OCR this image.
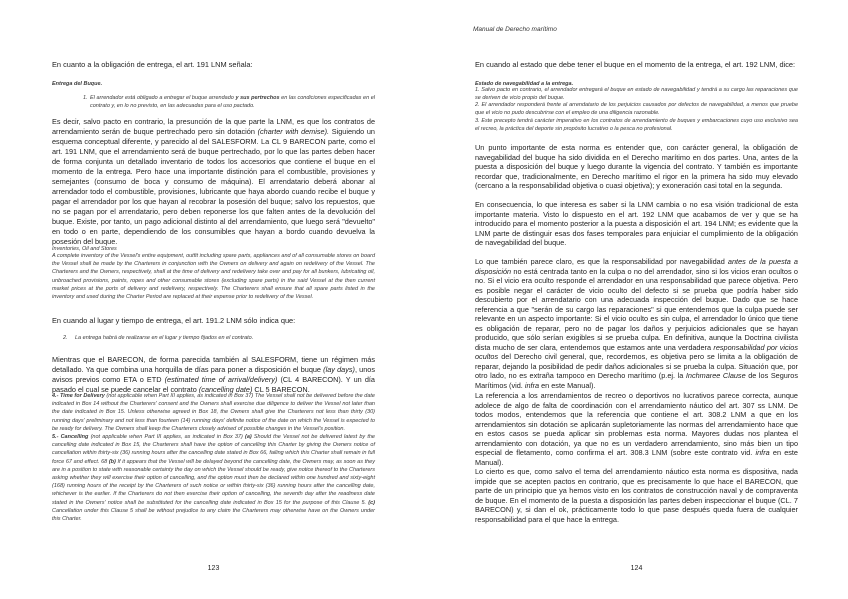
Manual de Derecho marítimo
En cuanto a la obligación de entrega, el art. 191 LNM señala:
Entrega del Buque.
1. El arrendador está obligado a entregar el buque arrendado y sus pertrechos en las condiciones especificadas en el contrato y, en lo no previsto, en las adecuadas para el uso pactado.
Es decir, salvo pacto en contrario, la presunción de la que parte la LNM, es que los contratos de arrendamiento serán de buque pertrechado pero sin dotación (charter with demise). Siguiendo un esquema conceptual diferente, y parecido al del SALESFORM. La CL 9 BARECON parte, como el art. 191 LNM, que el arrendamiento será de buque pertrechado, por lo que las partes deben hacer de forma conjunta un detallado inventario de todos los accesorios que contiene el buque en el momento de la entrega. Pero hace una importante distinción para el combustible, provisiones y semejantes (consumo de boca y consumo de máquina). El arrendatario deberá abonar al arrendador todo el combustible, provisiones, lubricante que haya abordo cuando recibe el buque y pagar el arrendador por los que hayan al recobrar la posesión del buque; salvo los repuestos, que no se pagan por el arrendatario, pero deben reponerse los que falten antes de la devolución del buque. Existe, por tanto, un pago adicional distinto al del arrendamiento, que luego será "devuelto" en todo o en parte, dependiendo de los consumibles que hayan a bordo cuando devuelva la posesión del buque.
Inventories, Oil and Stores
A complete inventory of the Vessel's entire equipment, outfit including spare parts, appliances and of all consumable stores on board the Vessel shall be made by the Charterers in conjunction with the Owners on delivery and again on redelivery of the Vessel. The Charterers and the Owners, respectively, shall at the time of delivery and redelivery take over and pay for all bunkers, lubricating oil, unbroached provisions, paints, ropes and other consumable stores (excluding spare parts) in the said Vessel at the then current market prices at the ports of delivery and redelivery, respectively. The Charterers shall ensure that all spare parts listed in the inventory and used during the Charter Period are replaced at their expense prior to redelivery of the Vessel.
En cuando al lugar y tiempo de entrega, el art. 191.2 LNM sólo indica que:
2.	La entrega habrá de realizarse en el lugar y tiempo fijados en el contrato.
Mientras que el BARECON, de forma parecida también al SALESFORM, tiene un régimen más detallado. Ya que combina una horquilla de días para poner a disposición el buque (lay days), unos avisos previos como ETA o ETD (estimated time of arrival/delivery) (CL 4 BARECON). Y un día pasado el cual se puede cancelar el contrato (cancelling date) CL 5 BARECON.
4.- Time for Delivery (not applicable when Part III applies, as indicated in Box 37) The Vessel shall not be delivered before the date indicated in Box 14 without the Charterers' consent and the Owners shall exercise due diligence to deliver the Vessel not later than the date indicated in Box 15. Unless otherwise agreed in Box 18, the Owners shall give the Charterers not less than thirty (30) running days' preliminary and not less than fourteen (14) running days' definite notice of the date on which the Vessel is expected to be ready for delivery. The Owners shall keep the Charterers closely advised of possible changes in the Vessel's position.
5.- Cancelling (not applicable when Part III applies, as indicated in Box 37) (a) Should the Vessel not be delivered latest by the cancelling date indicated in Box 15, the Charterers shall have the option of cancelling this Charter by giving the Owners notice of cancellation within thirty-six (36) running hours after the cancelling date stated in Box 66, failing which this Charter shall remain in full force 67 and effect. 68 (b) If it appears that the Vessel will be delayed beyond the cancelling date, the Owners may, as soon as they are in a position to state with reasonable certainty the day on which the Vessel should be ready, give notice thereof to the Charterers asking whether they will exercise their option of cancelling, and the option must then be declared within one hundred and sixty-eight (168) running hours of the receipt by the Charterers of such notice or within thirty-six (36) running hours after the cancelling date, whichever is the earlier. If the Charterers do not then exercise their option of cancelling, the seventh day after the readiness date stated in the Owners' notice shall be substituted for the cancelling date indicated in Box 15 for the purpose of this Clause 5. (c) Cancellation under this Clause 5 shall be without prejudice to any claim the Charterers may otherwise have on the Owners under this Charter.
123
En cuando al estado que debe tener el buque en el momento de la entrega, el art. 192 LNM, dice:
Estado de navegabilidad a la entrega.
1. Salvo pacto en contrario, el arrendador entregará el buque en estado de navegabilidad y tendrá a su cargo las reparaciones que se deriven de vicio propio del buque.
2. El arrendador responderá frente al arrendatario de los perjuicios causados por defectos de navegabilidad, a menos que pruebe que el vicio no pudo descubrirse con el empleo de una diligencia razonable.
3. Este precepto tendrá carácter imperativo en los contratos de arrendamiento de buques y embarcaciones cuyo uso exclusivo sea el recreo, la práctica del deporte sin propósito lucrativo o la pesca no profesional.
Un punto importante de esta norma es entender que, con carácter general, la obligación de navegabilidad del buque ha sido dividida en el Derecho marítimo en dos partes. Una, antes de la puesta a disposición del buque y luego durante la vigencia del contrato. Y también es importante recordar que, tradicionalmente, en Derecho marítimo el rigor en la primera ha sido muy elevado (cercano a la responsabilidad objetiva o cuasi objetiva); y exoneración casi total en la segunda.
En consecuencia, lo que interesa es saber si la LNM cambia o no esa visión tradicional de esta importante materia. Visto lo dispuesto en el art. 192 LNM que acabamos de ver y que se ha introducido para el momento posterior a la puesta a disposición el art. 194 LNM; es evidente que la LNM parte de distinguir esas dos fases temporales para enjuiciar el cumplimiento de la obligación de navegabilidad del buque.
Lo que también parece claro, es que la responsabilidad por navegabilidad antes de la puesta a disposición no está centrada tanto en la culpa o no del arrendador, sino si los vicios eran ocultos o no. Si el vicio era oculto responde el arrendador en una responsabilidad que parece objetiva. Pero es posible negar el carácter de vicio oculto del defecto si se prueba que podría haber sido descubierto por el arrendatario con una adecuada inspección del buque. Dado que se hace referencia a que "serán de su cargo las reparaciones" si que entendemos que la culpa puede ser relevante en un aspecto importante: Si el vicio oculto es sin culpa, el arrendador lo único que tiene es obligación de reparar, pero no de pagar los daños y perjuicios adicionales que se hayan producido, que sólo serían exigibles si se prueba culpa. En definitiva, aunque la Doctrina civilista dista mucho de ser clara, entendemos que estamos ante una verdadera responsabilidad por vicios ocultos del Derecho civil general, que, recordemos, es objetiva pero se limita a la obligación de reparar, dejando la posibilidad de pedir daños adicionales si se prueba la culpa. Situación que, por otro lado, no es extraña tampoco en Derecho marítimo (p.ej. la Inchmaree Clause de los Seguros Marítimos (vid. infra en este Manual).
La referencia a los arrendamientos de recreo o deportivos no lucrativos parece correcta, aunque adolece de algo de falta de coordinación con el arrendamiento náutico del art. 307 ss LNM. De todos modos, entendemos que la referencia que contiene el art. 308.2 LNM a que en los arrendamientos sin dotación se aplicarán supletoriamente las normas del arrendamiento hace que en estos casos se pueda aplicar sin problemas esta norma. Mayores dudas nos plantea el arrendamiento con dotación, ya que no es un verdadero arrendamiento, sino más bien un tipo especial de fletamento, como confirma el art. 308.3 LNM (sobre este contrato vid. infra en este Manual).
Lo cierto es que, como salvo el tema del arrendamiento náutico esta norma es dispositiva, nada impide que se acepten pactos en contrario, que es precisamente lo que hace el BARECON, que parte de un principio que ya hemos visto en los contratos de construcción naval y de compraventa de buque. En el momento de la puesta a disposición las partes deben inspeccionar el buque (CL. 7 BARECON) y, si dan el ok, prácticamente todo lo que pase después queda fuera de cualquier responsabilidad para el que hace la entrega.
124
